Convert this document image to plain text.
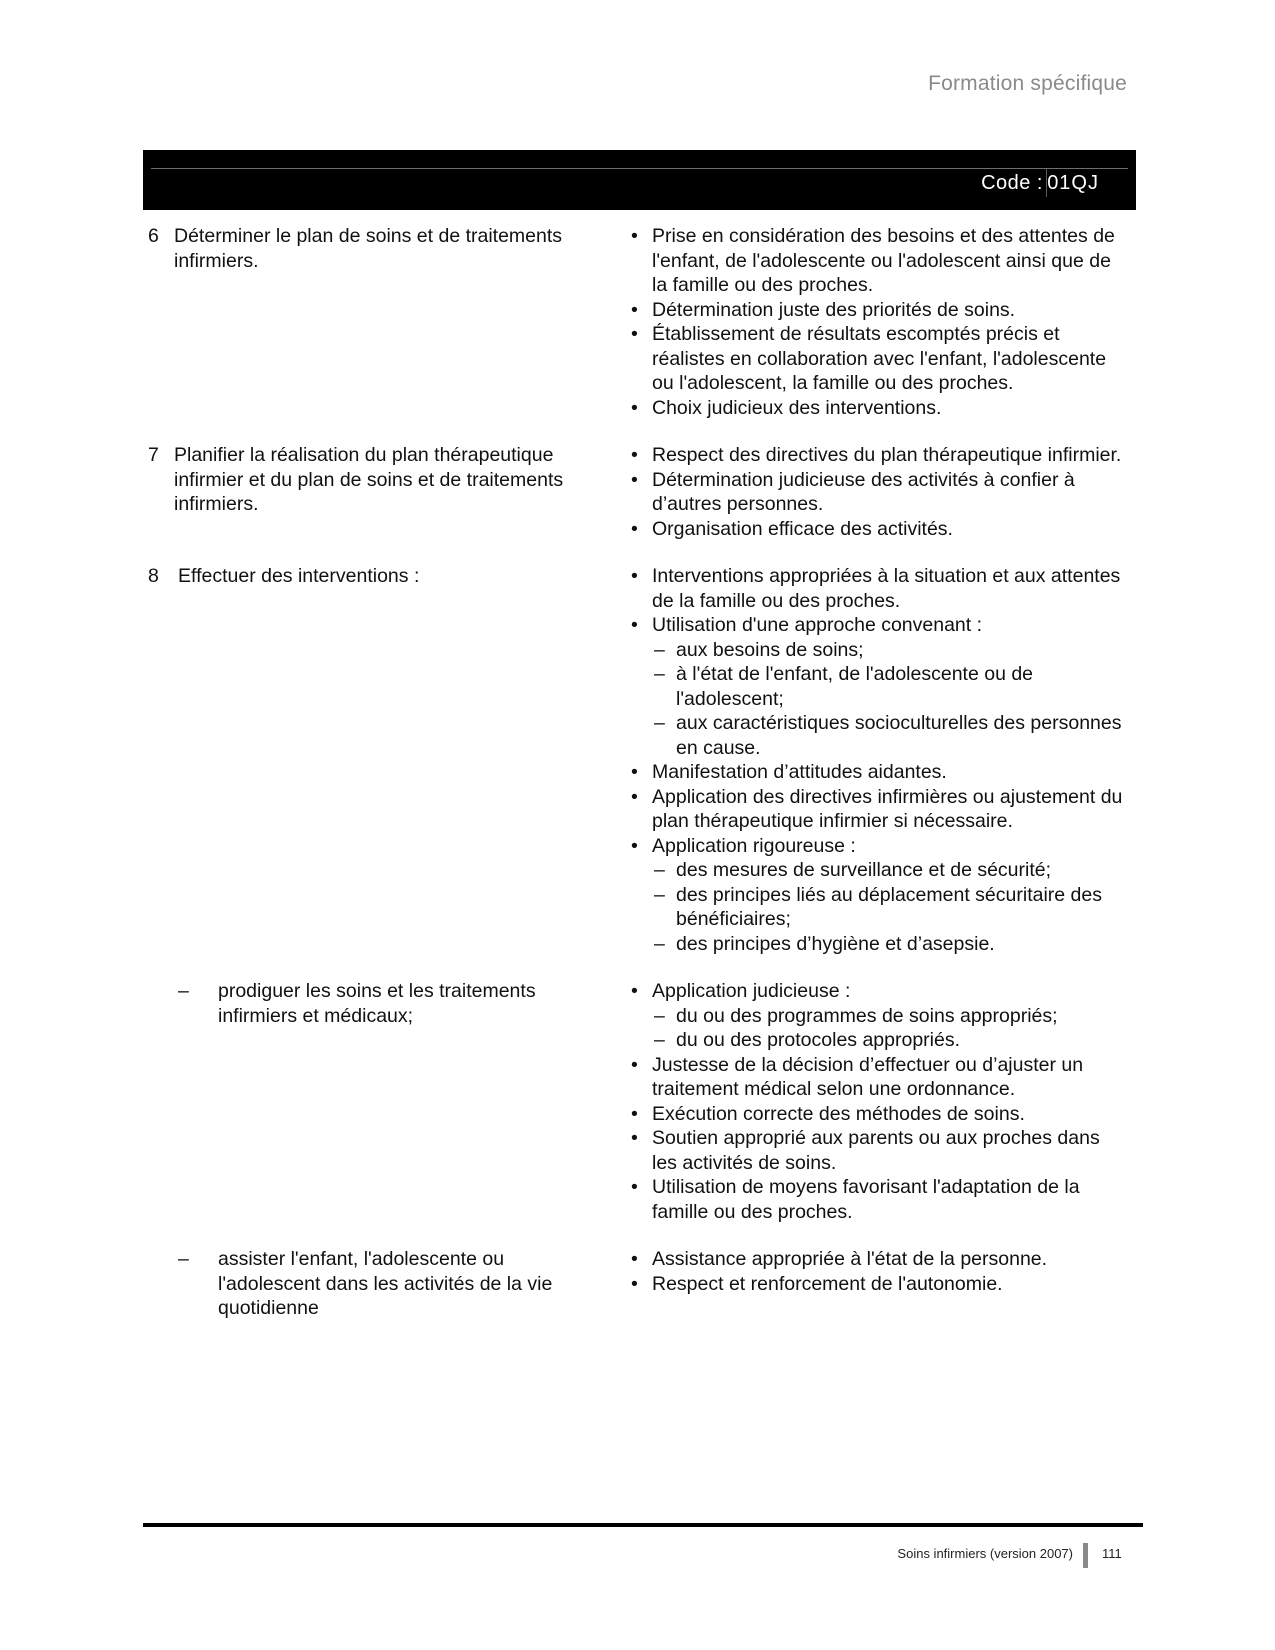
Formation spécifique
Code : 01QJ
6 Déterminer le plan de soins et de traitements infirmiers.
• Prise en considération des besoins et des attentes de l'enfant, de l'adolescente ou l'adolescent ainsi que de la famille ou des proches.
• Détermination juste des priorités de soins.
• Établissement de résultats escomptés précis et réalistes en collaboration avec l'enfant, l'adolescente ou l'adolescent, la famille ou des proches.
• Choix judicieux des interventions.
7 Planifier la réalisation du plan thérapeutique infirmier et du plan de soins et de traitements infirmiers.
• Respect des directives du plan thérapeutique infirmier.
• Détermination judicieuse des activités à confier à d’autres personnes.
• Organisation efficace des activités.
8 Effectuer des interventions :
•	Interventions appropriées à la situation et aux attentes de la famille ou des proches.
• Utilisation d'une approche convenant :
– aux besoins de soins;
– à l'état de l'enfant, de l'adolescente ou de l'adolescent;
– aux caractéristiques socioculturelles des personnes en cause.
• Manifestation d’attitudes aidantes.
• Application des directives infirmières ou ajustement du plan thérapeutique infirmier si nécessaire.
• Application rigoureuse :
– des mesures de surveillance et de sécurité;
– des principes liés au déplacement sécuritaire des bénéficiaires;
– des principes d’hygiène et d’asepsie.
–	prodiguer les soins et les traitements infirmiers et médicaux;
• Application judicieuse :
– du ou des programmes de soins appropriés;
– du ou des protocoles appropriés.
• Justesse de la décision d’effectuer ou d’ajuster un traitement médical selon une ordonnance.
• Exécution correcte des méthodes de soins.
• Soutien approprié aux parents ou aux proches dans les activités de soins.
• Utilisation de moyens favorisant l'adaptation de la famille ou des proches.
–	assister l'enfant, l'adolescente ou l'adolescent dans les activités de la vie quotidienne
• Assistance appropriée à l'état de la personne.
• Respect et renforcement de l'autonomie.
Soins infirmiers (version 2007) 111
